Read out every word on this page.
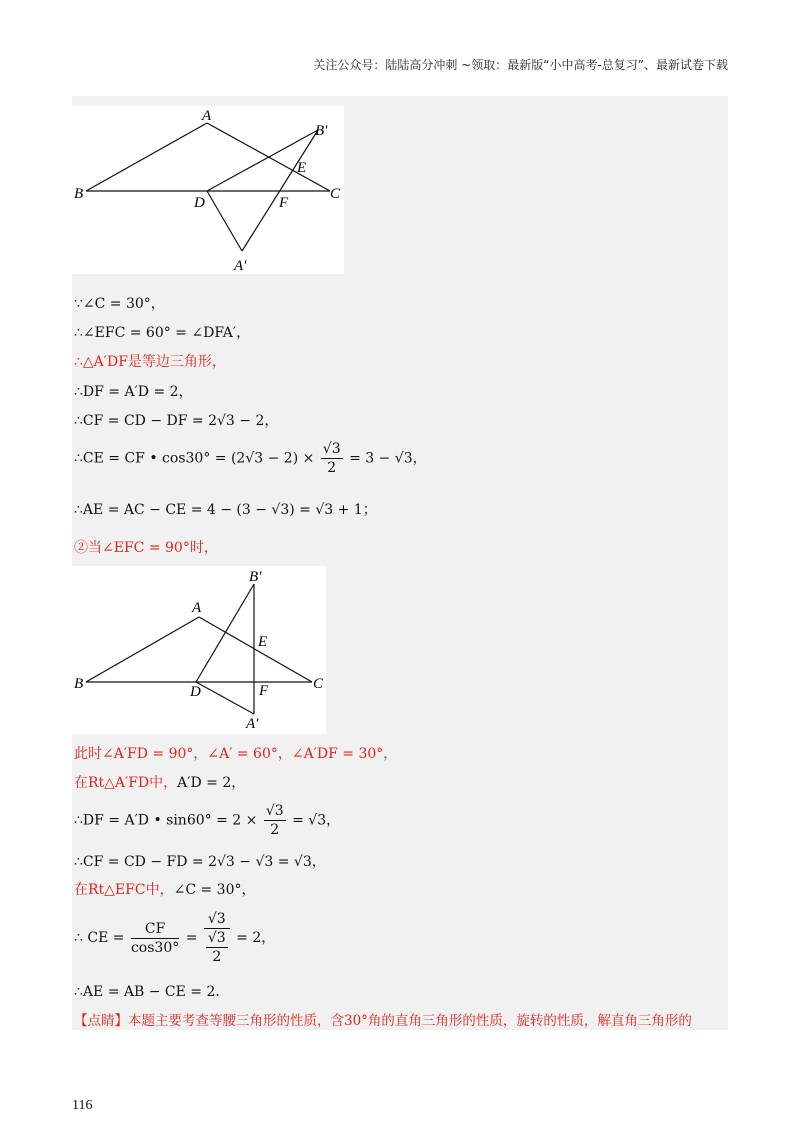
关注公众号：陆陆高分冲刺 ~领取：最新版“小中高考-总复习”、最新试卷下载
A
B	C
D
E
F
A′
B′
∵∠C = 30°，
∴∠EFC = 60° = ∠DFA′，
∴△A′DF是等边三角形，
∴DF = A′D = 2，
∴CF = CD − DF = 2√3 − 2，
∴CE = CF • $\cos 30^\circ = (2√3 - 2) \times \frac{√3}{2} = 3 - √3$，
∴AE = AC − CE = 4 − (3 − √3) = √3 + 1；
②当∠EFC = 90°时，
A
B	C
D
E
F
A′
B′
此时∠A′FD = 90°，∠A′ = 60°，∠A′DF = 30°，
在Rt△A′FD中，A′D = 2，
∴DF = A′D • $\sin 60^\circ = 2 \times \frac{√3}{2} = √3$，
∴CF = CD − FD = 2√3 − √3 = √3，
在Rt△EFC中，∠C = 30°，
∴ CE = $\frac{CF}{\cos 30^\circ} = \frac{√3}{\frac{√3}{2}} = 2$，
∴AE = AB − CE = 2．
【点睛】本题主要考查等腰三角形的性质，含30°角的直角三角形的性质，旋转的性质，解直角三角形的
116
